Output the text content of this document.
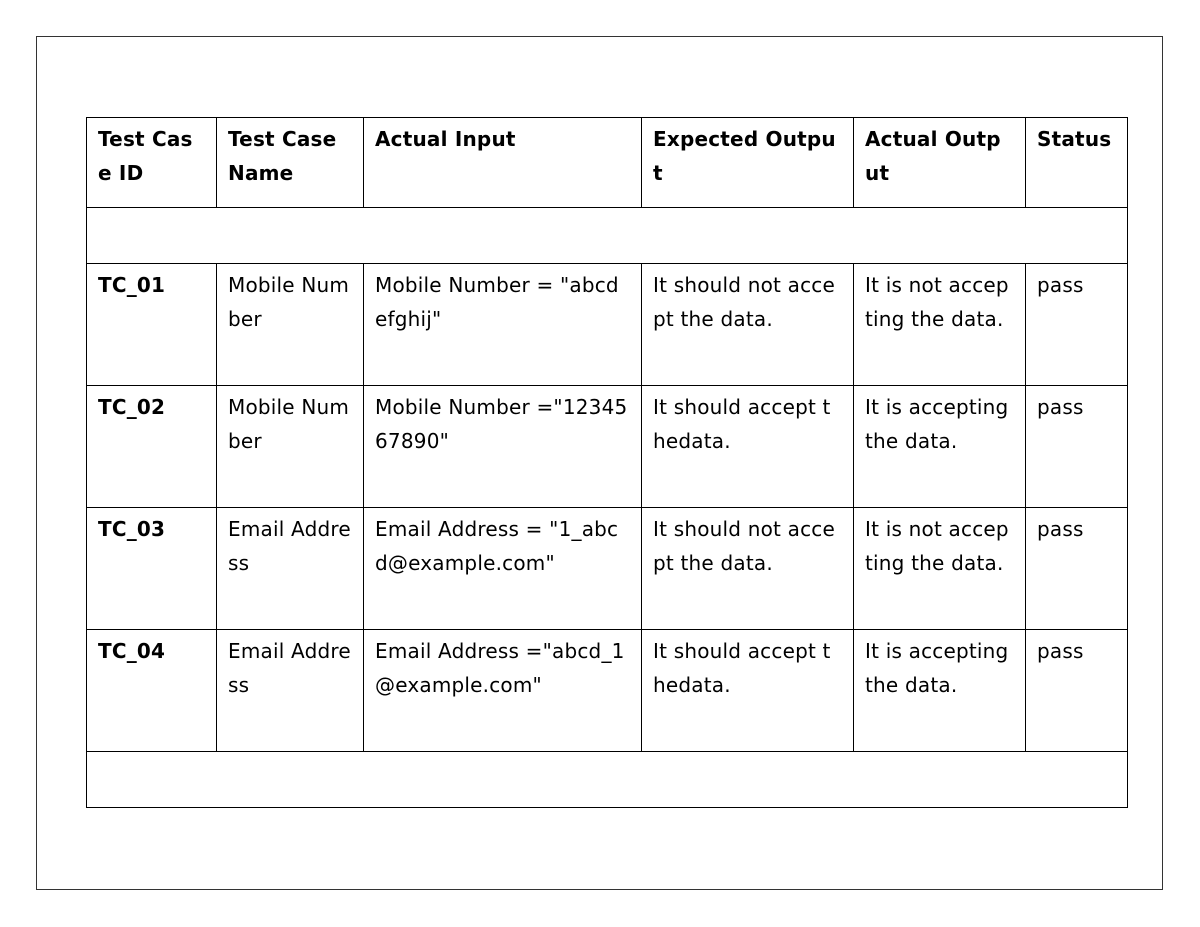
Test Case ID	Test Case Name	Actual Input	Expected Output	Actual Output	Status

TC_01	Mobile Number	Mobile Number = "abcdefghij"	It should not accept the data.	It is not accepting the data.	pass
TC_02	Mobile Number	Mobile Number ="1234567890"	It should accept thedata.	It is accepting the data.	pass
TC_03	Email Address	Email Address = "1_abcd@example.com"	It should not accept the data.	It is not accepting the data.	pass
TC_04	Email Address	Email Address ="abcd_1@example.com"	It should accept thedata.	It is accepting the data.	pass
